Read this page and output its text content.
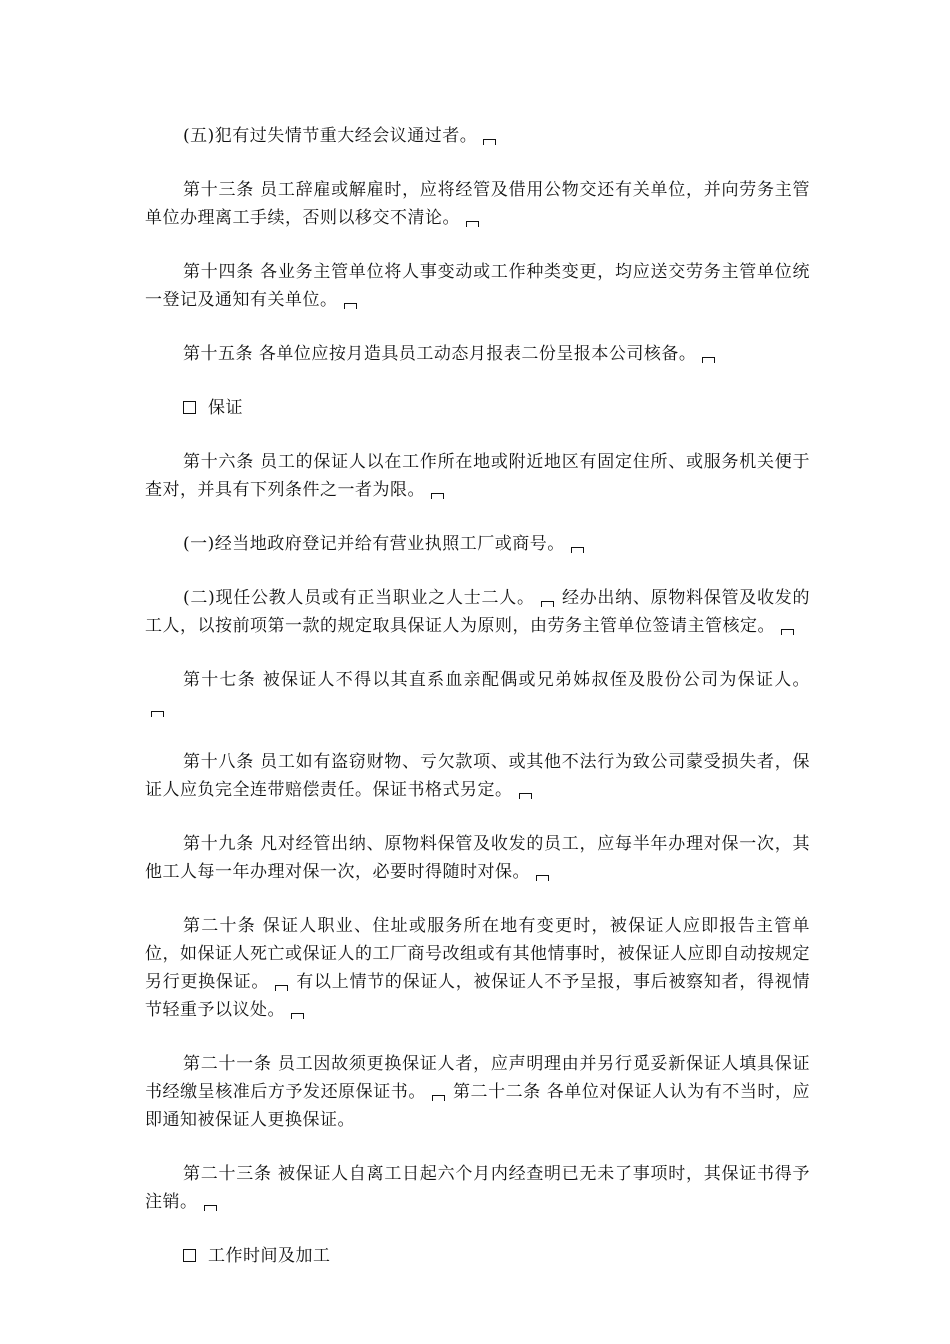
(五)犯有过失情节重大经会议通过者。

第十三条 员工辞雇或解雇时，应将经管及借用公物交还有关单位，并向劳务主管单位办理离工手续，否则以移交不清论。

第十四条 各业务主管单位将人事变动或工作种类变更，均应送交劳务主管单位统一登记及通知有关单位。

第十五条 各单位应按月造具员工动态月报表二份呈报本公司核备。

保证

第十六条 员工的保证人以在工作所在地或附近地区有固定住所、或服务机关便于查对，并具有下列条件之一者为限。

(一)经当地政府登记并给有营业执照工厂或商号。

(二)现任公教人员或有正当职业之人士二人。 经办出纳、原物料保管及收发的工人，以按前项第一款的规定取具保证人为原则，由劳务主管单位签请主管核定。

第十七条 被保证人不得以其直系血亲配偶或兄弟姊叔侄及股份公司为保证人。

第十八条 员工如有盗窃财物、亏欠款项、或其他不法行为致公司蒙受损失者，保证人应负完全连带赔偿责任。保证书格式另定。

第十九条 凡对经管出纳、原物料保管及收发的员工，应每半年办理对保一次，其他工人每一年办理对保一次，必要时得随时对保。

第二十条 保证人职业、住址或服务所在地有变更时，被保证人应即报告主管单位，如保证人死亡或保证人的工厂商号改组或有其他情事时，被保证人应即自动按规定另行更换保证。 有以上情节的保证人，被保证人不予呈报，事后被察知者，得视情节轻重予以议处。

第二十一条 员工因故须更换保证人者，应声明理由并另行觅妥新保证人填具保证书经缴呈核准后方予发还原保证书。 第二十二条 各单位对保证人认为有不当时，应即通知被保证人更换保证。

第二十三条 被保证人自离工日起六个月内经查明已无未了事项时，其保证书得予注销。

工作时间及加工
